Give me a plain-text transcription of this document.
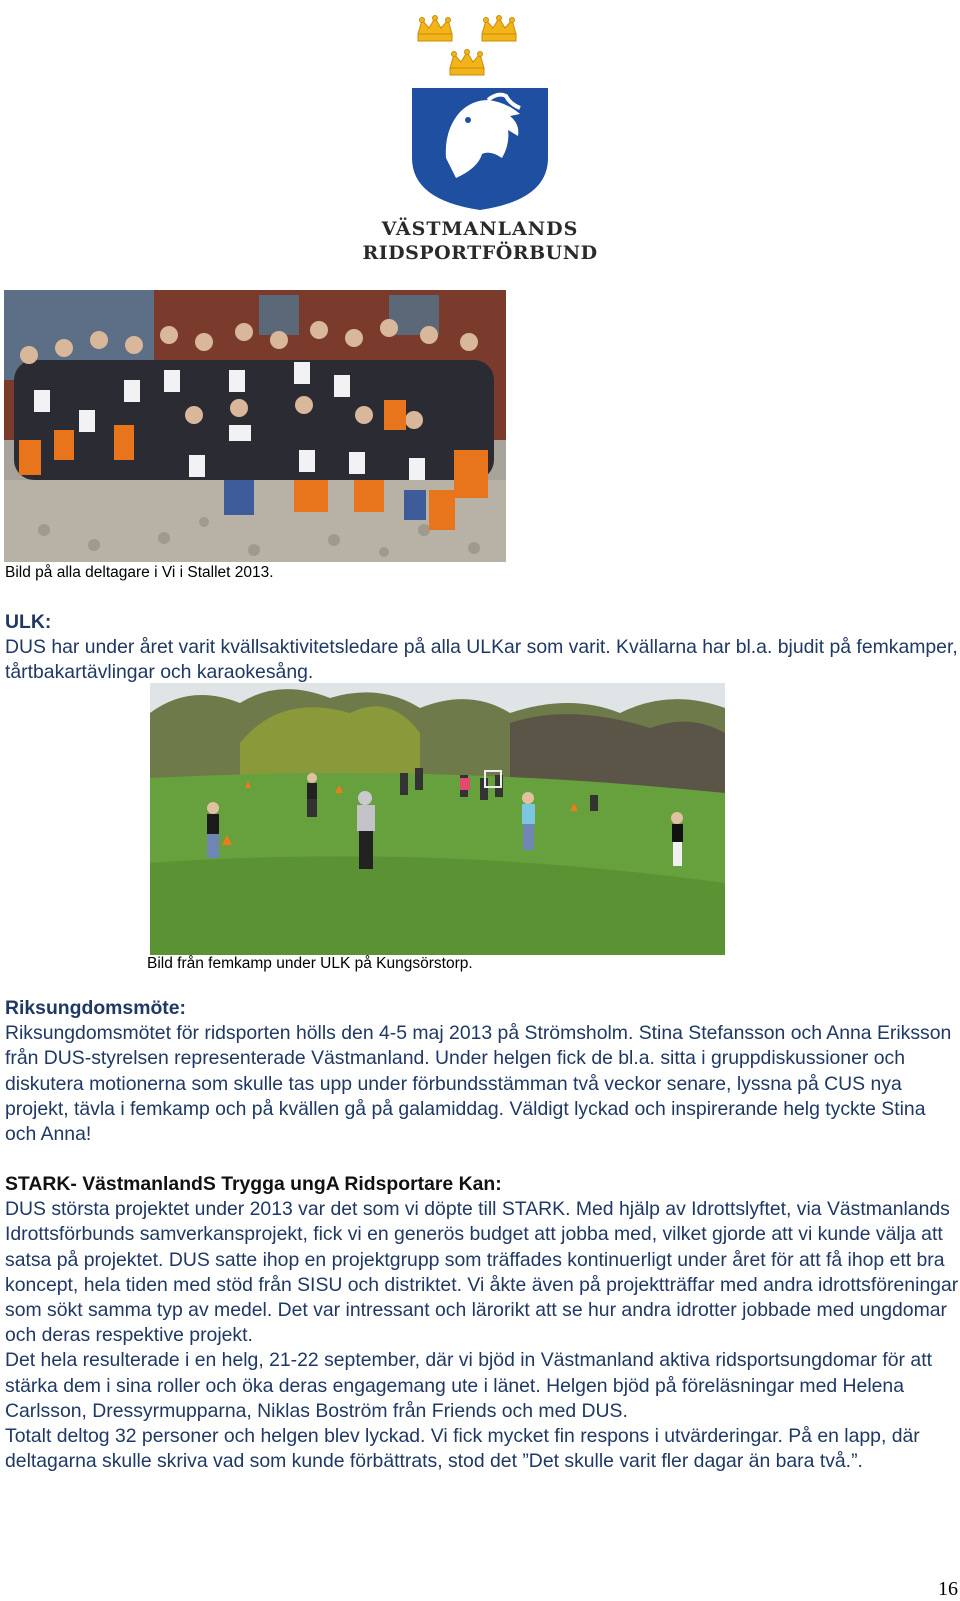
VÄSTMANLANDS
RIDSPORTFÖRBUND
Bild på alla deltagare i Vi i Stallet 2013.

ULK:

DUS har under året varit kvällsaktivitetsledare på alla ULKar som varit. Kvällarna har bl.a. bjudit på femkamper, tårtbakartävlingar och karaokesång.

Bild från femkamp under ULK på Kungsörstorp.

Riksungdomsmöte:

Riksungdomsmötet för ridsporten hölls den 4-5 maj 2013 på Strömsholm. Stina Stefansson och Anna Eriksson från DUS-styrelsen representerade Västmanland. Under helgen fick de bl.a. sitta i gruppdiskussioner och diskutera motionerna som skulle tas upp under förbundsstämman två veckor senare, lyssna på CUS nya projekt, tävla i femkamp och på kvällen gå på galamiddag. Väldigt lyckad och inspirerande helg tyckte Stina och Anna!

STARK- VästmanlandS Trygga ungA Ridsportare Kan:

DUS största projektet under 2013 var det som vi döpte till STARK. Med hjälp av Idrottslyftet, via Västmanlands Idrottsförbunds samverkansprojekt, fick vi en generös budget att jobba med, vilket gjorde att vi kunde välja att satsa på projektet. DUS satte ihop en projektgrupp som träffades kontinuerligt under året för att få ihop ett bra koncept, hela tiden med stöd från SISU och distriktet. Vi åkte även på projektträffar med andra idrottsföreningar som sökt samma typ av medel. Det var intressant och lärorikt att se hur andra idrotter jobbade med ungdomar och deras respektive projekt.

Det hela resulterade i en helg, 21-22 september, där vi bjöd in Västmanland aktiva ridsportsungdomar för att stärka dem i sina roller och öka deras engagemang ute i länet. Helgen bjöd på föreläsningar med Helena Carlsson, Dressyrmupparna, Niklas Boström från Friends och med DUS.

Totalt deltog 32 personer och helgen blev lyckad. Vi fick mycket fin respons i utvärderingar. På en lapp, där deltagarna skulle skriva vad som kunde förbättrats, stod det ”Det skulle varit fler dagar än bara två.”.

16
